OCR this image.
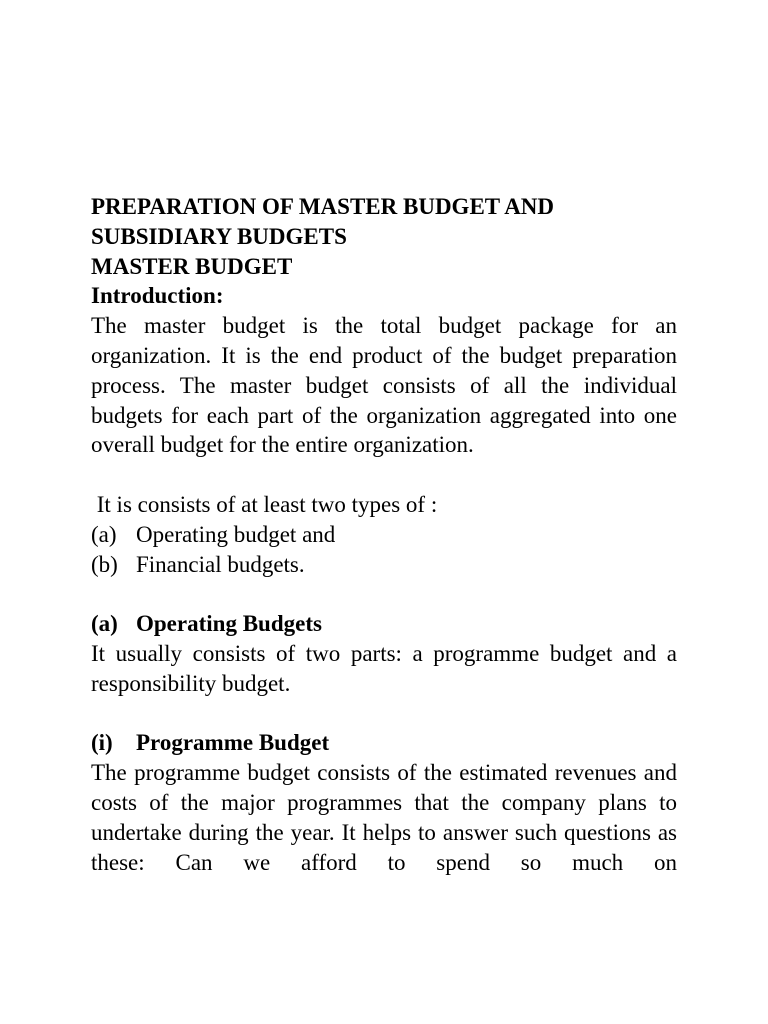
PREPARATION OF MASTER BUDGET AND
SUBSIDIARY BUDGETS
MASTER BUDGET
Introduction:
The master budget is the total budget package for an organization. It is the end product of the budget preparation process. The master budget consists of all the individual budgets for each part of the organization aggregated into one overall budget for the entire organization.
It is consists of at least two types of :
(a) Operating budget and
(b) Financial budgets.
(a) Operating Budgets
It usually consists of two parts: a programme budget and a responsibility budget.
(i)	Programme Budget
The programme budget consists of the estimated revenues and costs of the major programmes that the company plans to undertake during the year. It helps to answer such questions as these: Can we afford to spend so much on
